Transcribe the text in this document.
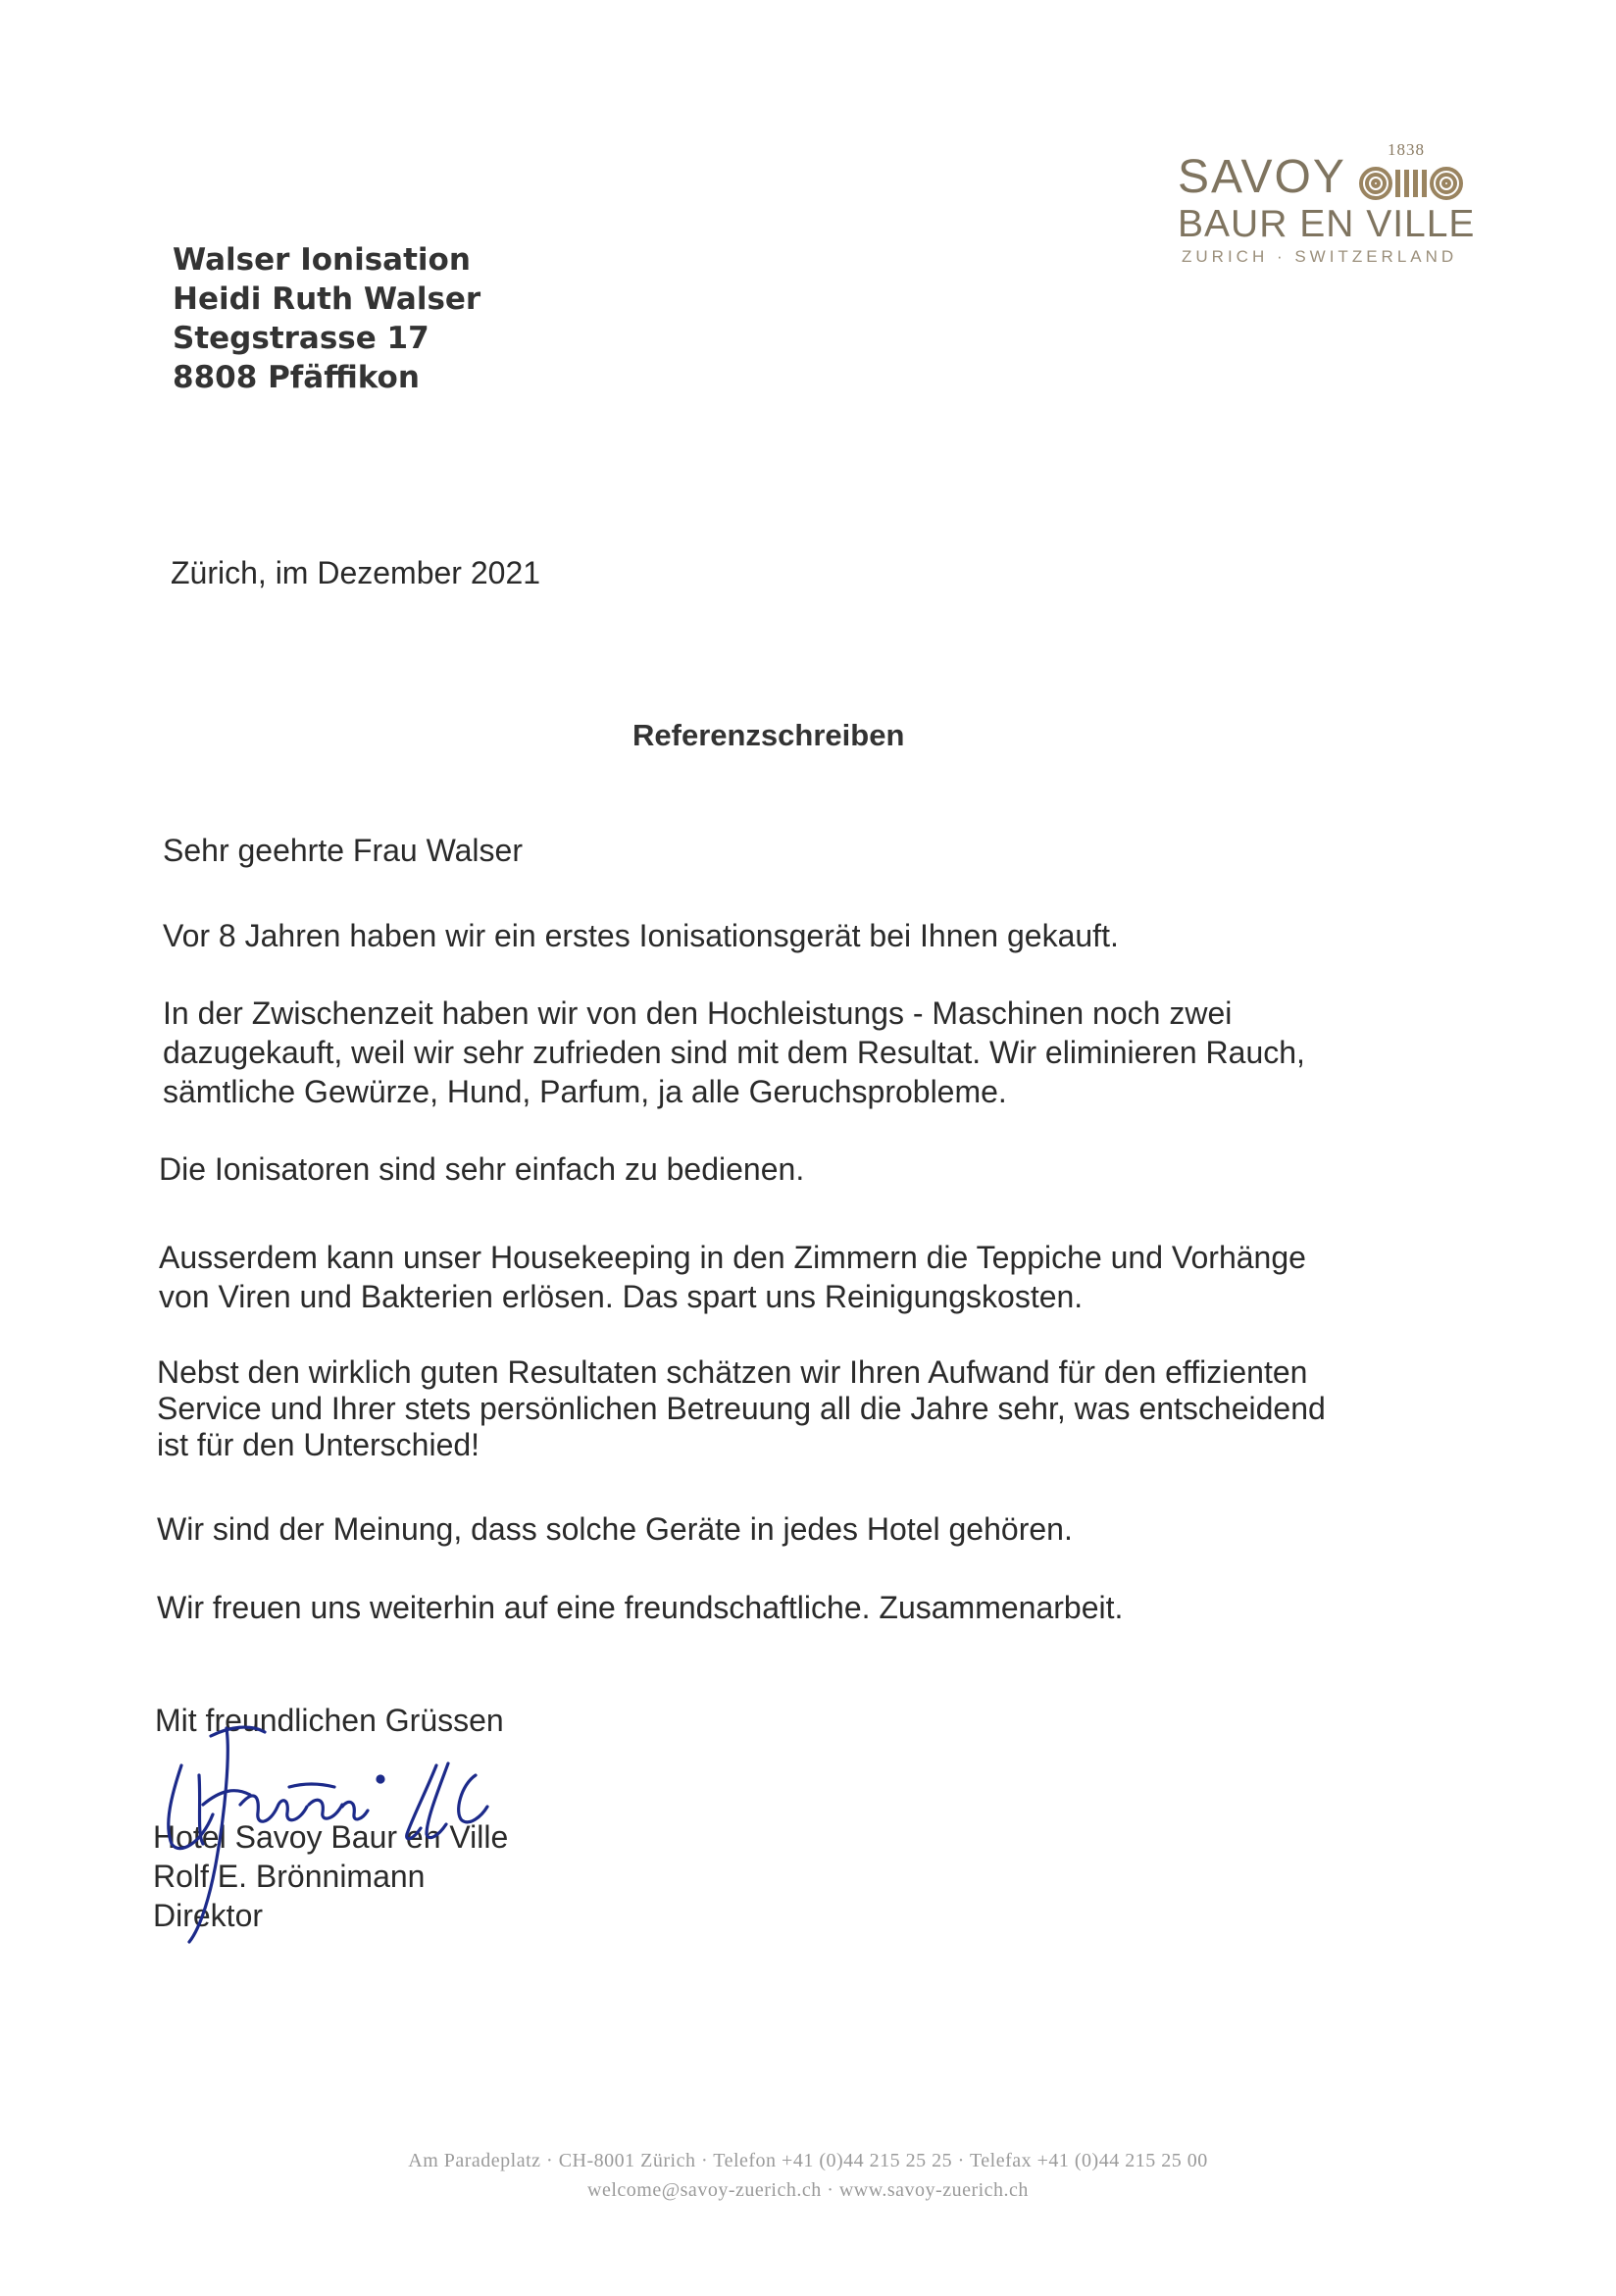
1838
SAVOY
BAUR EN VILLE
ZURICH · SWITZERLAND
Walser Ionisation
Heidi Ruth Walser
Stegstrasse 17
8808 Pfäffikon
Zürich, im Dezember 2021
Referenzschreiben
Sehr geehrte Frau Walser
Vor 8 Jahren haben wir ein erstes Ionisationsgerät bei Ihnen gekauft.
In der Zwischenzeit haben wir von den Hochleistungs - Maschinen noch zwei
dazugekauft, weil wir sehr zufrieden sind mit dem Resultat. Wir eliminieren Rauch,
sämtliche Gewürze, Hund, Parfum, ja alle Geruchsprobleme.
Die Ionisatoren sind sehr einfach zu bedienen.
Ausserdem kann unser Housekeeping in den Zimmern die Teppiche und Vorhänge
von Viren und Bakterien erlösen. Das spart uns Reinigungskosten.
Nebst den wirklich guten Resultaten schätzen wir Ihren Aufwand für den effizienten
Service und Ihrer stets persönlichen Betreuung all die Jahre sehr, was entscheidend
ist für den Unterschied!
Wir sind der Meinung, dass solche Geräte in jedes Hotel gehören.
Wir freuen uns weiterhin auf eine freundschaftliche. Zusammenarbeit.
Mit freundlichen Grüssen
Hotel Savoy Baur en Ville
Rolf E. Brönnimann
Direktor
Am Paradeplatz · CH-8001 Zürich · Telefon +41 (0)44 215 25 25 · Telefax +41 (0)44 215 25 00
welcome@savoy-zuerich.ch · www.savoy-zuerich.ch
